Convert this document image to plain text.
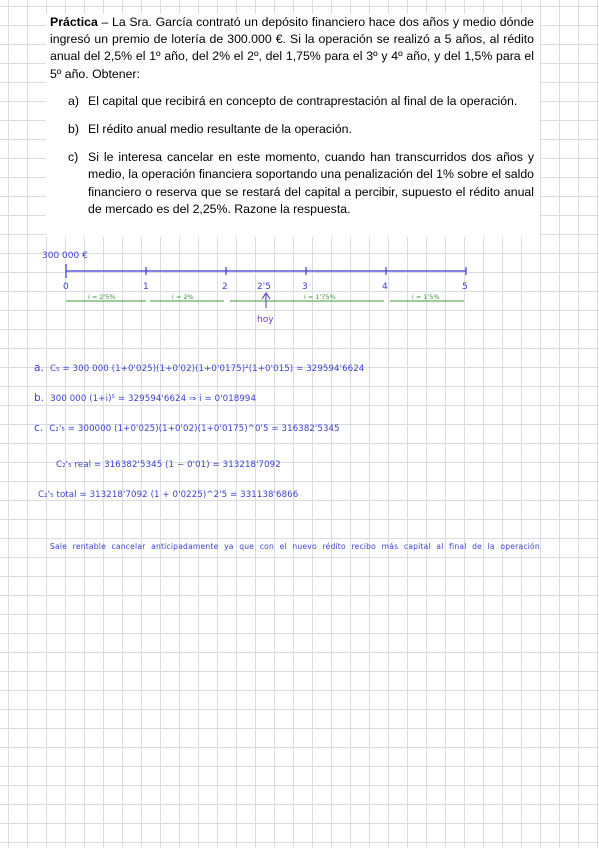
Práctica – La Sra. García contrató un depósito financiero hace dos años y medio dónde ingresó un premio de lotería de 300.000 €. Si la operación se realizó a 5 años, al rédito anual del 2,5% el 1º año, del 2% el 2º, del 1,75% para el 3º y 4º año, y del 1,5% para el 5º año. Obtener:

a) El capital que recibirá en concepto de contraprestación al final de la operación.
b) El rédito anual medio resultante de la operación.
c) Si le interesa cancelar en este momento, cuando han transcurridos dos años y medio, la operación financiera soportando una penalización del 1% sobre el saldo financiero o reserva que se restará del capital a percibir, supuesto el rédito anual de mercado es del 2,25%. Razone la respuesta.
300 000 €
0	1	2	2'5	3	4	5
i = 2'5%	i = 2%	i = 1'75%	i = 1'5%
hoy
a. C₅ = 300 000 (1+0'025)(1+0'02)(1+0'0175)²(1+0'015) = 329594'6624
b. 300 000 (1+i)⁵ = 329594'6624 ⇒ i = 0'018994
c. C₂'₅ = 300000 (1+0'025)(1+0'02)(1+0'0175)^0'5 = 316382'5345
C₂'₅ real = 316382'5345 (1 − 0'01) = 313218'7092
C₂'₅ total = 313218'7092 (1 + 0'0225)^2'5 = 331138'6866
Sale rentable cancelar anticipadamente ya que con el nuevo rédito recibo más capital al final de la operación
